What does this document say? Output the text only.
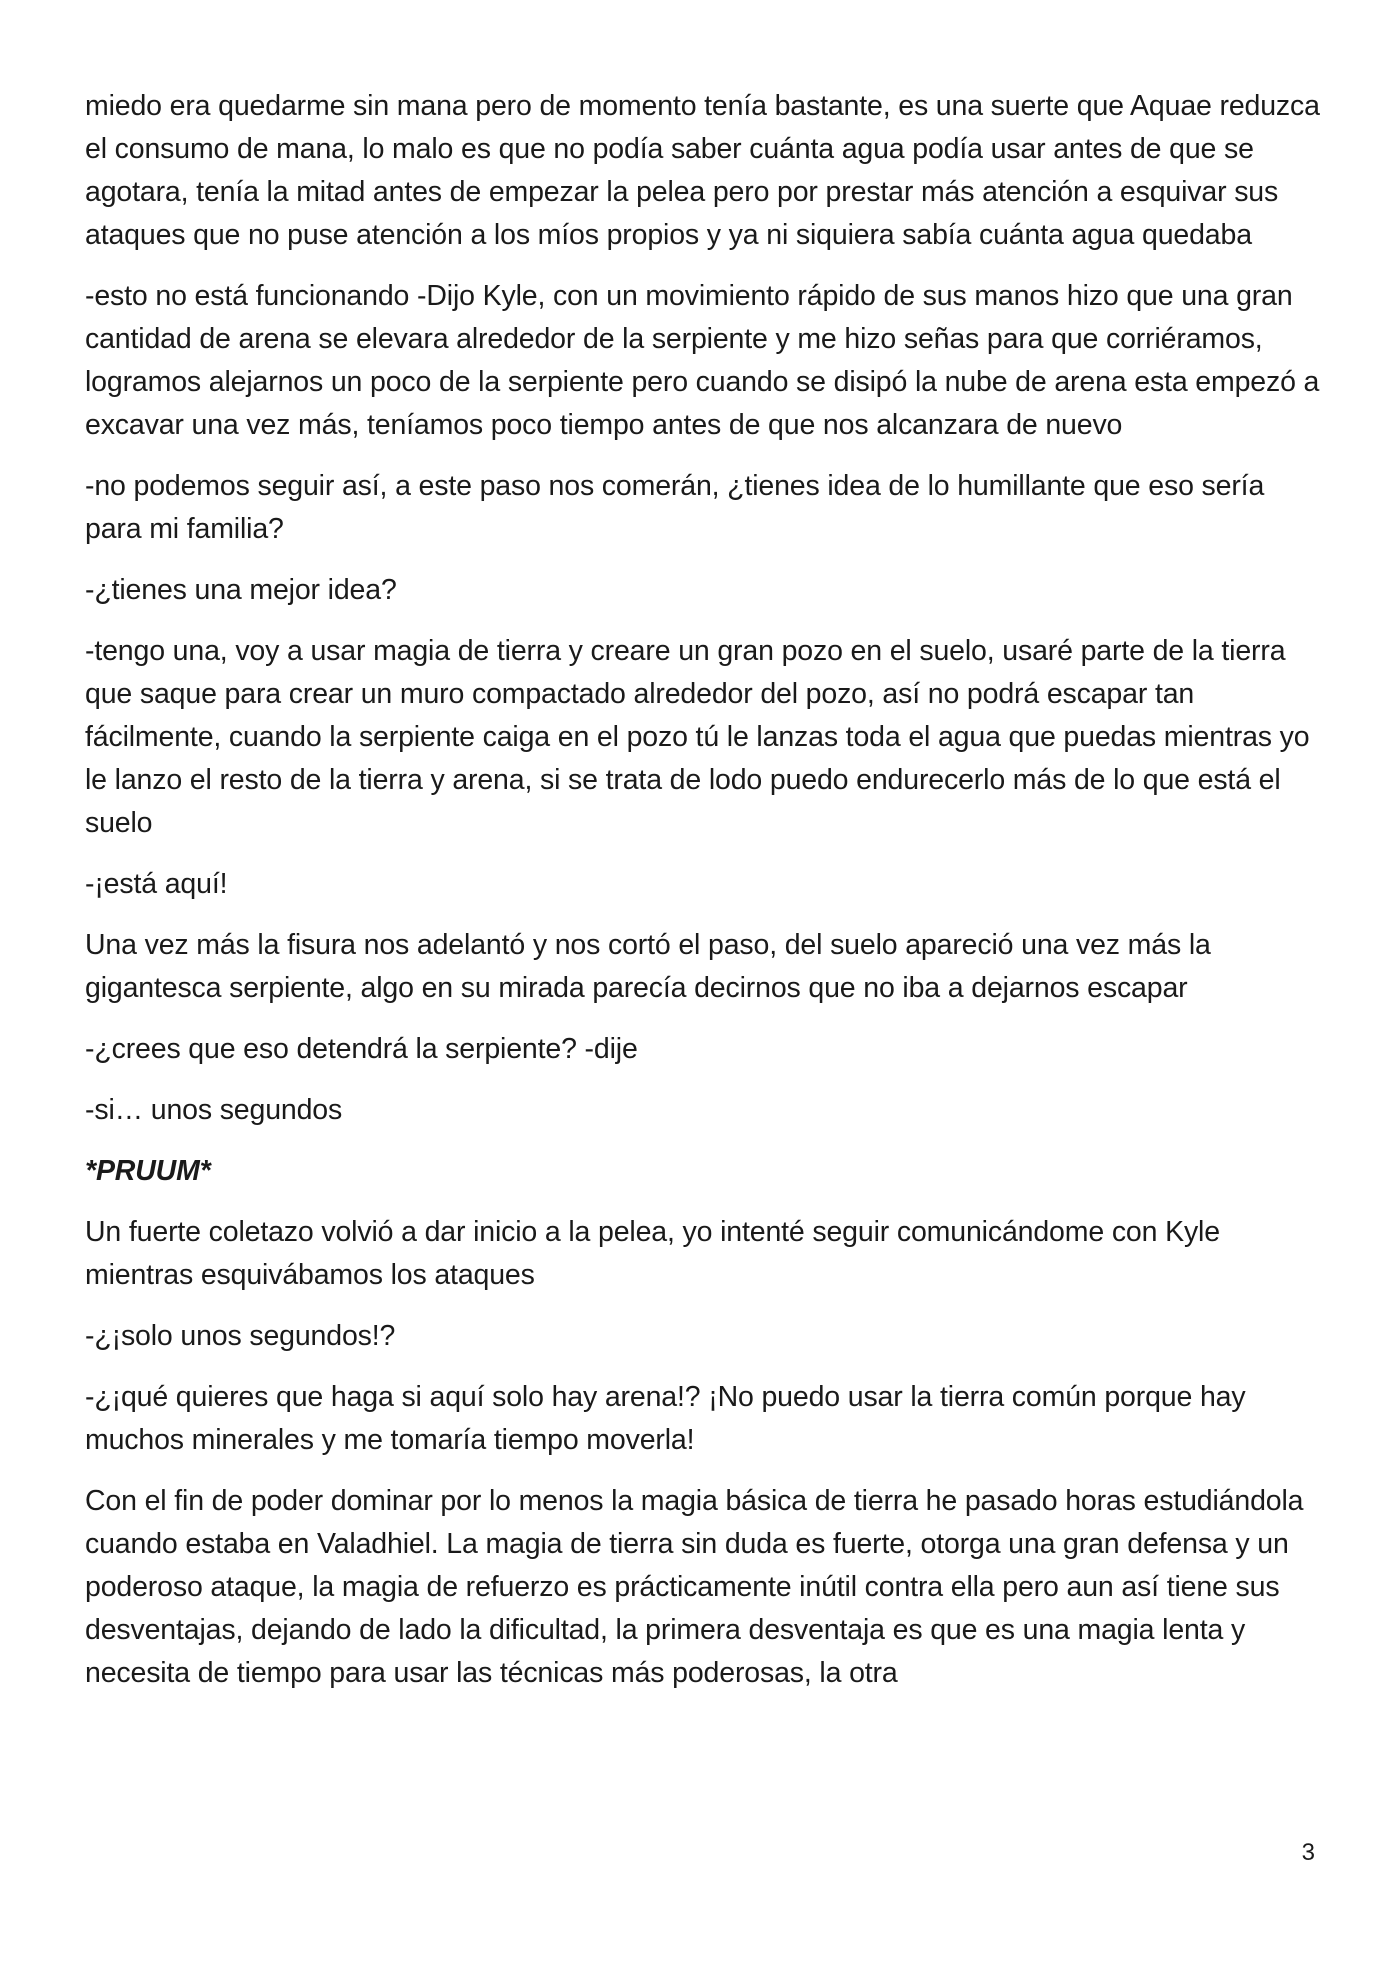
miedo era quedarme sin mana pero de momento tenía bastante, es una suerte que Aquae reduzca el consumo de mana, lo malo es que no podía saber cuánta agua podía usar antes de que se agotara, tenía la mitad antes de empezar la pelea pero por prestar más atención a esquivar sus ataques que no puse atención a los míos propios y ya ni siquiera sabía cuánta agua quedaba

-esto no está funcionando -Dijo Kyle, con un movimiento rápido de sus manos hizo que una gran cantidad de arena se elevara alrededor de la serpiente y me hizo señas para que corriéramos, logramos alejarnos un poco de la serpiente pero cuando se disipó la nube de arena esta empezó a excavar una vez más, teníamos poco tiempo antes de que nos alcanzara de nuevo

-no podemos seguir así, a este paso nos comerán, ¿tienes idea de lo humillante que eso sería para mi familia?

-¿tienes una mejor idea?

-tengo una, voy a usar magia de tierra y creare un gran pozo en el suelo, usaré parte de la tierra que saque para crear un muro compactado alrededor del pozo, así no podrá escapar tan fácilmente, cuando la serpiente caiga en el pozo tú le lanzas toda el agua que puedas mientras yo le lanzo el resto de la tierra y arena, si se trata de lodo puedo endurecerlo más de lo que está el suelo

-¡está aquí!

Una vez más la fisura nos adelantó y nos cortó el paso, del suelo apareció una vez más la gigantesca serpiente, algo en su mirada parecía decirnos que no iba a dejarnos escapar

-¿crees que eso detendrá la serpiente? -dije

-si… unos segundos

*PRUUM*

Un fuerte coletazo volvió a dar inicio a la pelea, yo intenté seguir comunicándome con Kyle mientras esquivábamos los ataques

-¿¡solo unos segundos!?

-¿¡qué quieres que haga si aquí solo hay arena!? ¡No puedo usar la tierra común porque hay muchos minerales y me tomaría tiempo moverla!

Con el fin de poder dominar por lo menos la magia básica de tierra he pasado horas estudiándola cuando estaba en Valadhiel. La magia de tierra sin duda es fuerte, otorga una gran defensa y un poderoso ataque, la magia de refuerzo es prácticamente inútil contra ella pero aun así tiene sus desventajas, dejando de lado la dificultad, la primera desventaja es que es una magia lenta y necesita de tiempo para usar las técnicas más poderosas, la otra

3
